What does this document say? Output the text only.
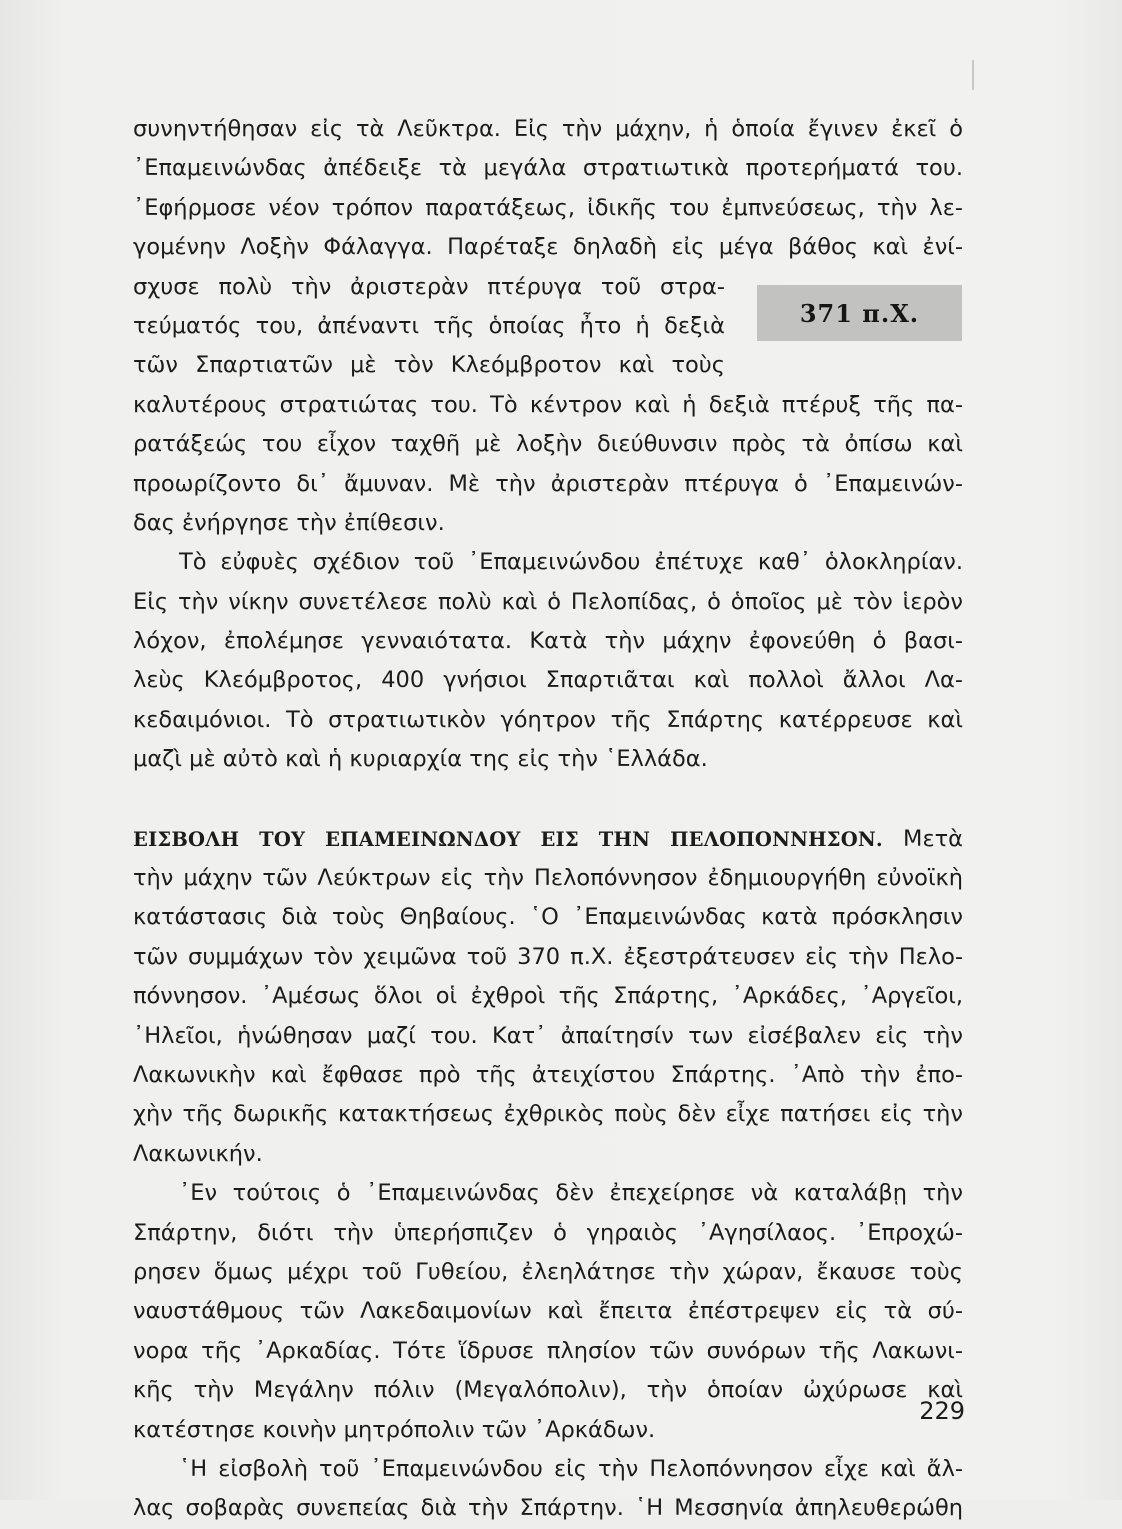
συνηντήθησαν εἰς τὰ Λεῦκτρα. Εἰς τὴν μάχην, ἡ ὁποία ἔγινεν ἐκεῖ ὁ
᾽Επαμεινώνδας ἀπέδειξε τὰ μεγάλα στρατιωτικὰ προτερήματά του.
᾽Εφήρμοσε νέον τρόπον παρατάξεως, ἰδικῆς του ἐμπνεύσεως, τὴν λε-
γομένην Λοξὴν Φάλαγγα. Παρέταξε δηλαδὴ εἰς μέγα βάθος καὶ ἐνί-
σχυσε πολὺ τὴν ἀριστερὰν πτέρυγα τοῦ στρα-
τεύματός του, ἀπέναντι τῆς ὁποίας ἦτο ἡ δεξιὰ
τῶν Σπαρτιατῶν μὲ τὸν Κλεόμβροτον καὶ τοὺς
καλυτέρους στρατιώτας του. Τὸ κέντρον καὶ ἡ δεξιὰ πτέρυξ τῆς πα-
ρατάξεώς του εἶχον ταχθῆ μὲ λοξὴν διεύθυνσιν πρὸς τὰ ὀπίσω καὶ
προωρίζοντο δι᾽ ἄμυναν. Μὲ τὴν ἀριστερὰν πτέρυγα ὁ ᾽Επαμεινών-
δας ἐνήργησε τὴν ἐπίθεσιν.
Τὸ εὐφυὲς σχέδιον τοῦ ᾽Επαμεινώνδου ἐπέτυχε καθ᾽ ὁλοκληρίαν.
Εἰς τὴν νίκην συνετέλεσε πολὺ καὶ ὁ Πελοπίδας, ὁ ὁποῖος μὲ τὸν ἱερὸν
λόχον, ἐπολέμησε γενναιότατα. Κατὰ τὴν μάχην ἐφονεύθη ὁ βασι-
λεὺς Κλεόμβροτος, 400 γνήσιοι Σπαρτιᾶται καὶ πολλοὶ ἄλλοι Λα-
κεδαιμόνιοι. Τὸ στρατιωτικὸν γόητρον τῆς Σπάρτης κατέρρευσε καὶ
μαζὶ μὲ αὐτὸ καὶ ἡ κυριαρχία της εἰς τὴν ῾Ελλάδα.
ΕΙΣΒΟΛΗ ΤΟΥ ΕΠΑΜΕΙΝΩΝΔΟΥ ΕΙΣ ΤΗΝ ΠΕΛΟΠΟΝΝΗΣΟΝ. Μετὰ
τὴν μάχην τῶν Λεύκτρων εἰς τὴν Πελοπόννησον ἐδημιουργήθη εὐνοϊκὴ
κατάστασις διὰ τοὺς Θηβαίους. ῾Ο ᾽Επαμεινώνδας κατὰ πρόσκλησιν
τῶν συμμάχων τὸν χειμῶνα τοῦ 370 π.Χ. ἐξεστράτευσεν εἰς τὴν Πελο-
πόννησον. ᾽Αμέσως ὅλοι οἱ ἐχθροὶ τῆς Σπάρτης, ᾽Αρκάδες, ᾽Αργεῖοι,
᾽Ηλεῖοι, ἡνώθησαν μαζί του. Κατ᾽ ἀπαίτησίν των εἰσέβαλεν εἰς τὴν
Λακωνικὴν καὶ ἔφθασε πρὸ τῆς ἀτειχίστου Σπάρτης. ᾽Απὸ τὴν ἐπο-
χὴν τῆς δωρικῆς κατακτήσεως ἐχθρικὸς ποὺς δὲν εἶχε πατήσει εἰς τὴν
Λακωνικήν.
᾽Εν τούτοις ὁ ᾽Επαμεινώνδας δὲν ἐπεχείρησε νὰ καταλάβῃ τὴν
Σπάρτην, διότι τὴν ὑπερήσπιζεν ὁ γηραιὸς ᾽Αγησίλαος. ᾽Επροχώ-
ρησεν ὅμως μέχρι τοῦ Γυθείου, ἐλεηλάτησε τὴν χώραν, ἔκαυσε τοὺς
ναυστάθμους τῶν Λακεδαιμονίων καὶ ἔπειτα ἐπέστρεψεν εἰς τὰ σύ-
νορα τῆς ᾽Αρκαδίας. Τότε ἵδρυσε πλησίον τῶν συνόρων τῆς Λακωνι-
κῆς τὴν Μεγάλην πόλιν (Μεγαλόπολιν), τὴν ὁποίαν ὠχύρωσε καὶ
κατέστησε κοινὴν μητρόπολιν τῶν ᾽Αρκάδων.
῾Η εἰσβολὴ τοῦ ᾽Επαμεινώνδου εἰς τὴν Πελοπόννησον εἶχε καὶ ἄλ-
λας σοβαρὰς συνεπείας διὰ τὴν Σπάρτην. ῾Η Μεσσηνία ἀπηλευθερώθη
371 π.Χ.
229
